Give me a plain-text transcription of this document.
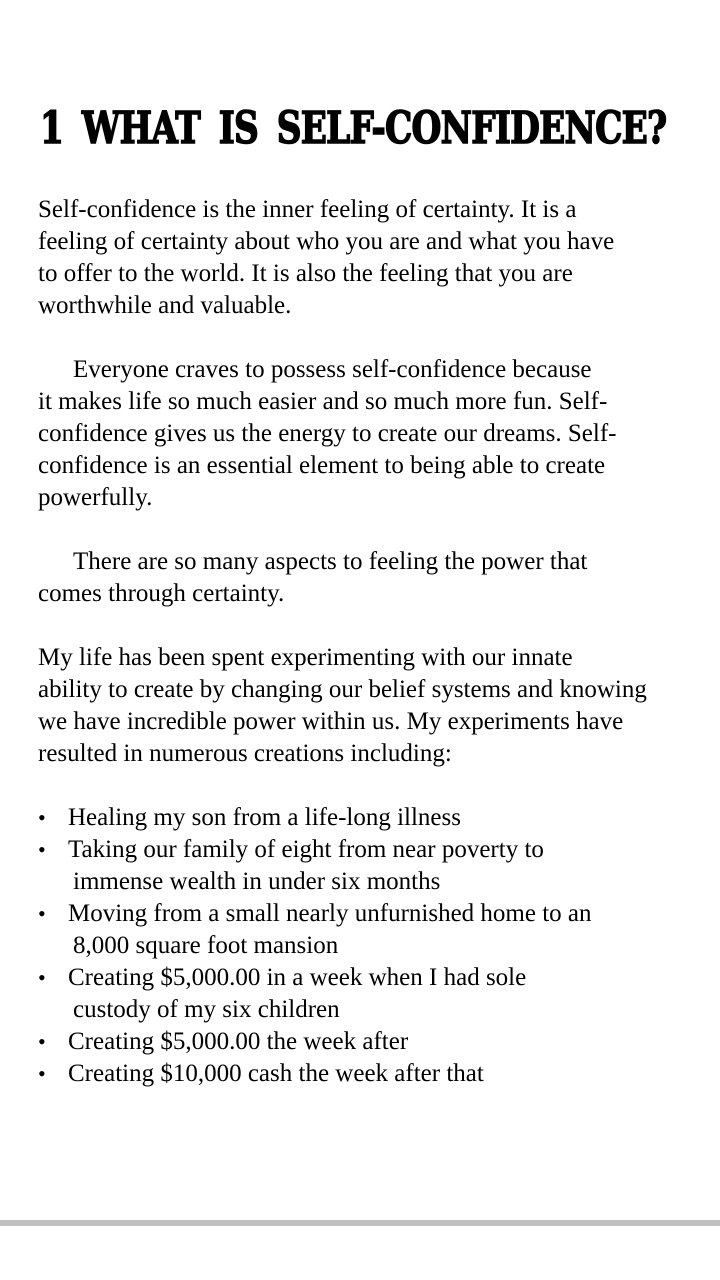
1 WHAT IS SELF-CONFIDENCE?

Self-confidence is the inner feeling of certainty. It is a
feeling of certainty about who you are and what you have
to offer to the world. It is also the feeling that you are
worthwhile and valuable.

Everyone craves to possess self-confidence because
it makes life so much easier and so much more fun. Self-
confidence gives us the energy to create our dreams. Self-
confidence is an essential element to being able to create
powerfully.

There are so many aspects to feeling the power that
comes through certainty.

My life has been spent experimenting with our innate
ability to create by changing our belief systems and knowing
we have incredible power within us. My experiments have
resulted in numerous creations including:

• Healing my son from a life-long illness
• Taking our family of eight from near poverty to
immense wealth in under six months
• Moving from a small nearly unfurnished home to an
8,000 square foot mansion
• Creating $5,000.00 in a week when I had sole
custody of my six children
• Creating $5,000.00 the week after
• Creating $10,000 cash the week after that
